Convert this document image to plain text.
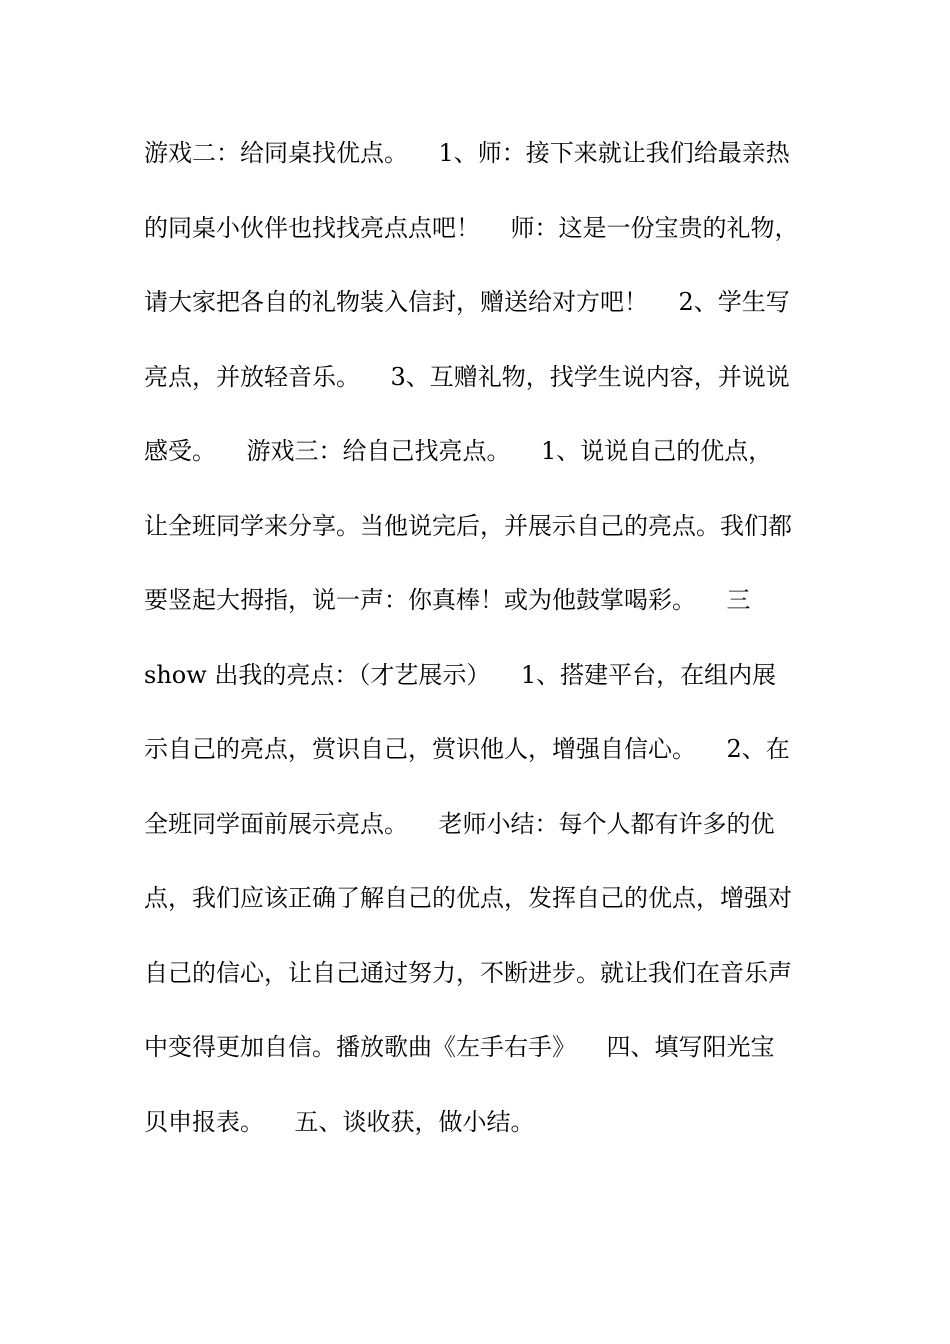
游戏二：给同桌找优点。    1、师：接下来就让我们给最亲热
的同桌小伙伴也找找亮点点吧！    师：这是一份宝贵的礼物，
请大家把各自的礼物装入信封，赠送给对方吧！    2、学生写
亮点，并放轻音乐。    3、互赠礼物，找学生说内容，并说说
感受。    游戏三：给自己找亮点。    1、说说自己的优点，
让全班同学来分享。当他说完后，并展示自己的亮点。我们都
要竖起大拇指，说一声：你真棒！或为他鼓掌喝彩。    三
show 出我的亮点：（才艺展示）    1、搭建平台，在组内展
示自己的亮点，赏识自己，赏识他人，增强自信心。    2、在
全班同学面前展示亮点。    老师小结：每个人都有许多的优
点，我们应该正确了解自己的优点，发挥自己的优点，增强对
自己的信心，让自己通过努力，不断进步。就让我们在音乐声
中变得更加自信。播放歌曲《左手右手》    四、填写阳光宝
贝申报表。    五、谈收获，做小结。
